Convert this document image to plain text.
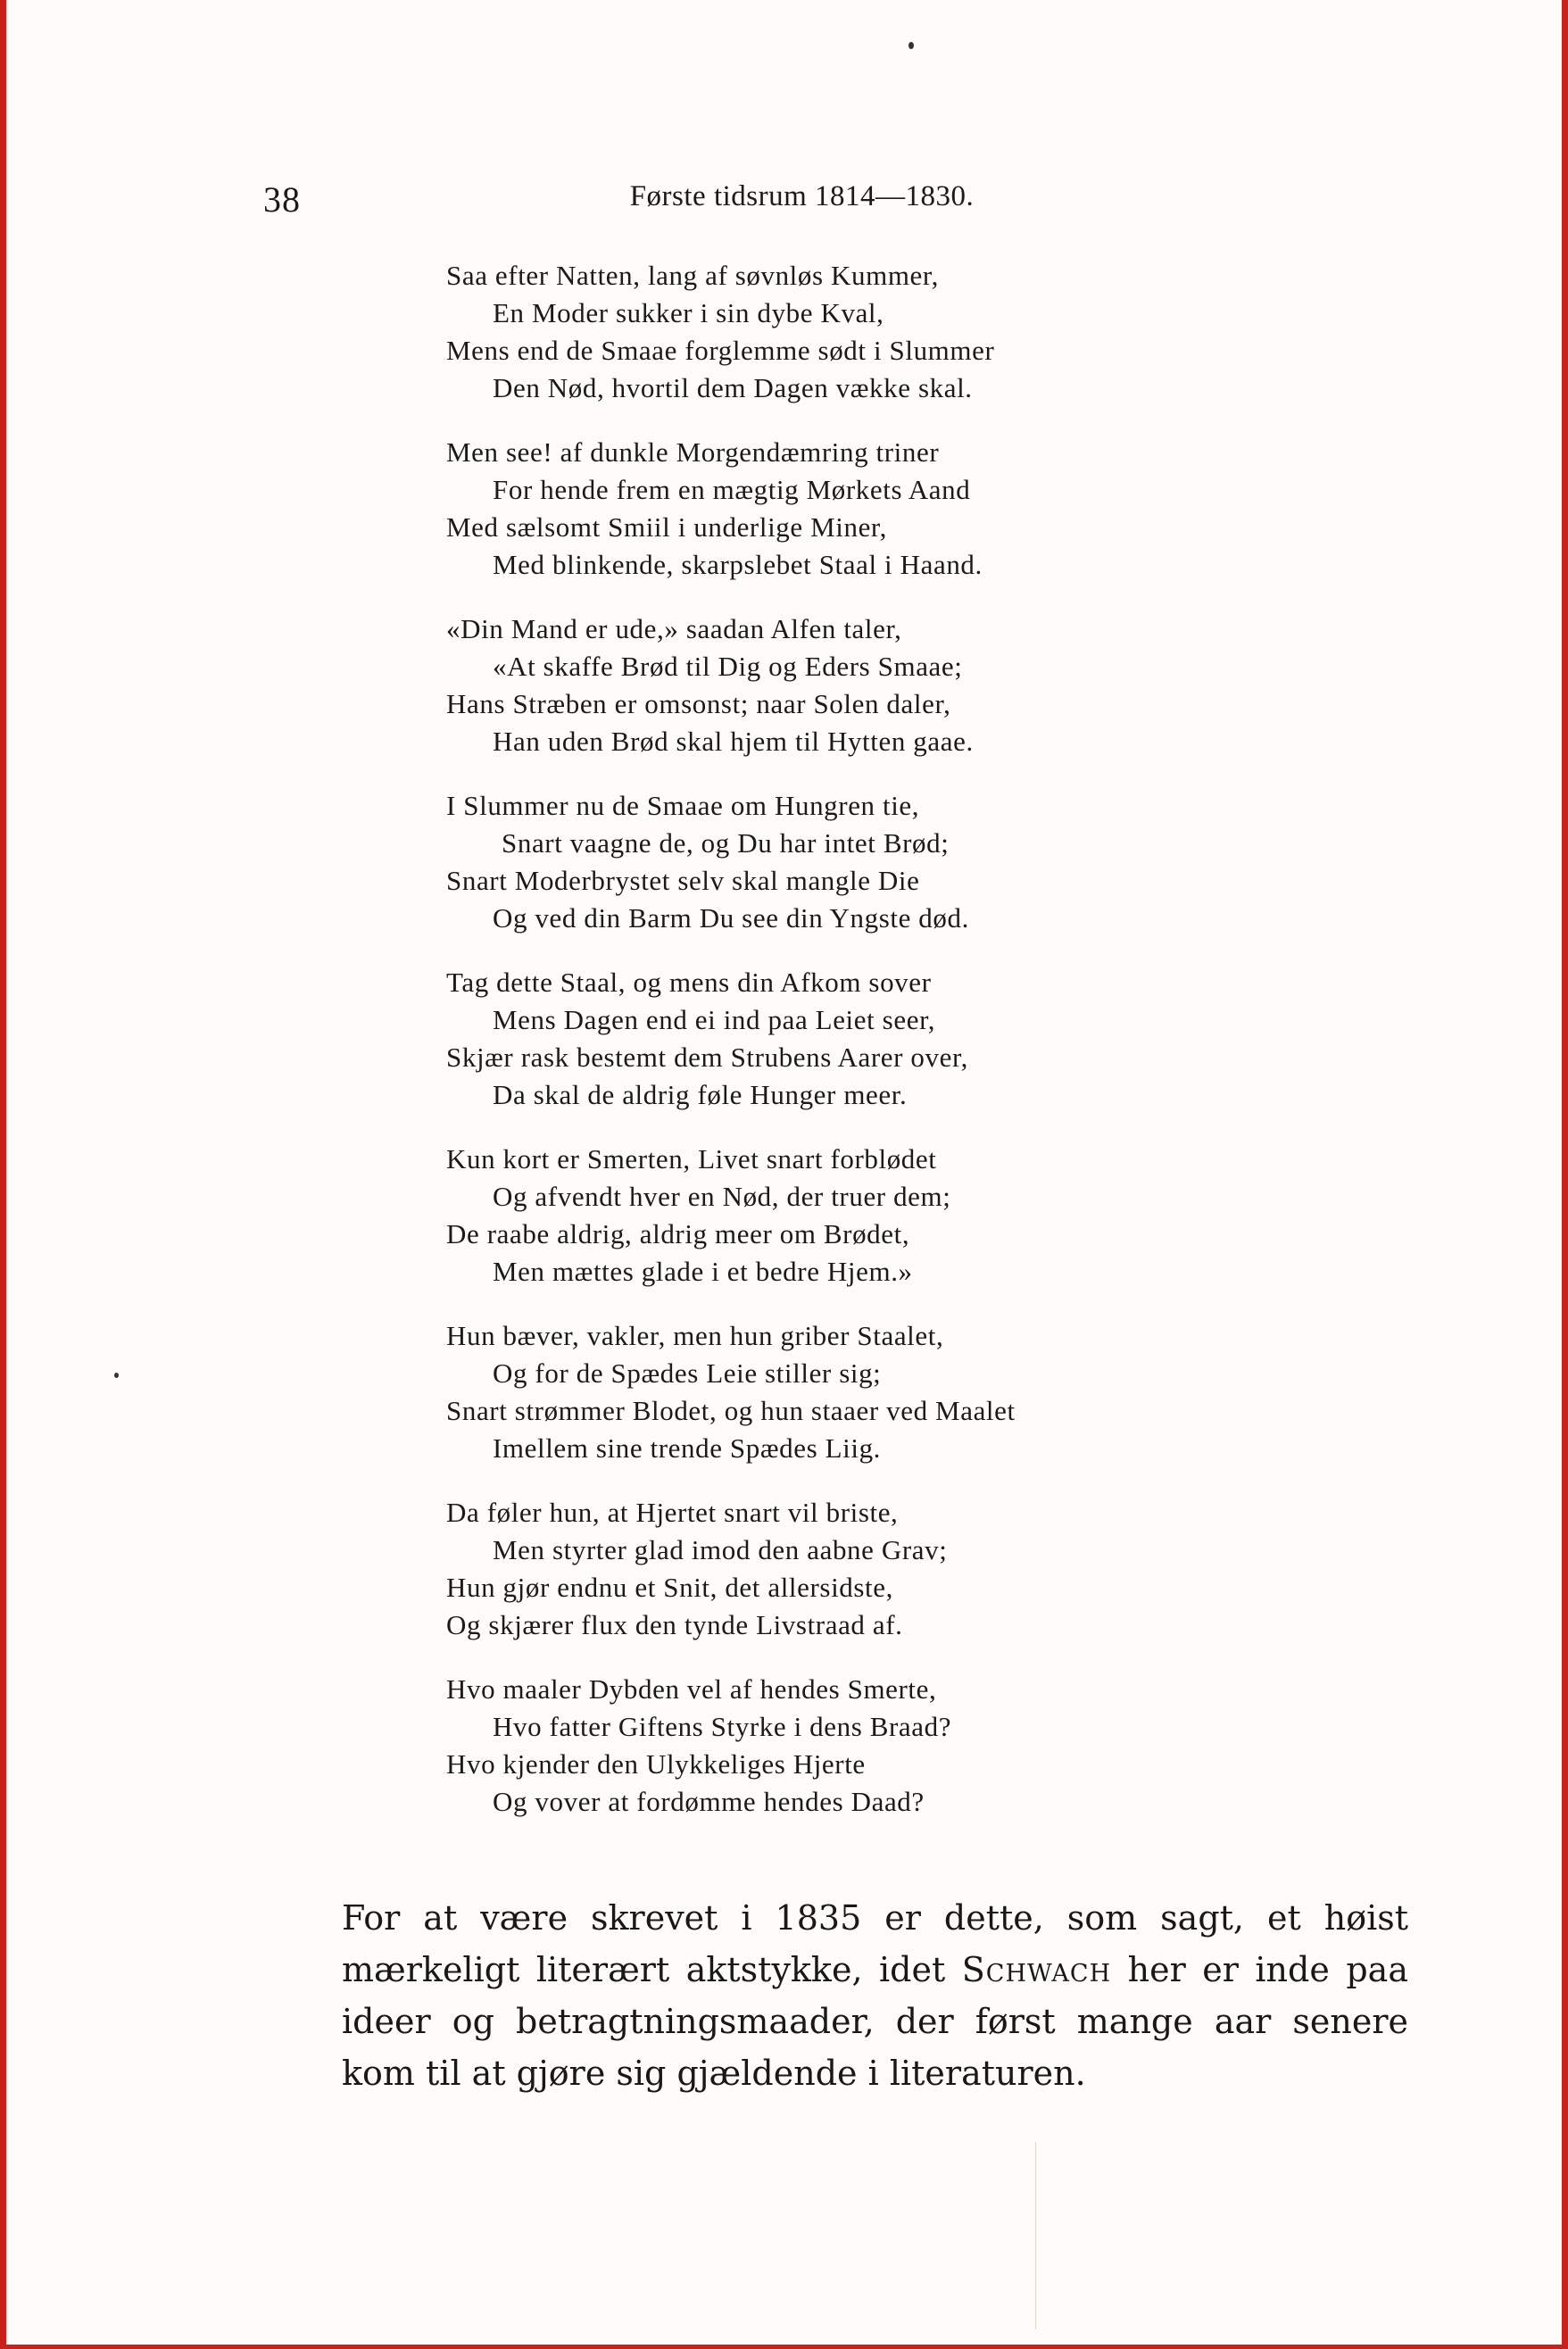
38	Første tidsrum 1814—1830.
Saa efter Natten, lang af søvnløs Kummer,
En Moder sukker i sin dybe Kval,
Mens end de Smaae forglemme sødt i Slummer
Den Nød, hvortil dem Dagen vække skal.
Men see! af dunkle Morgendæmring triner
For hende frem en mægtig Mørkets Aand
Med sælsomt Smiil i underlige Miner,
Med blinkende, skarpslebet Staal i Haand.
«Din Mand er ude,» saadan Alfen taler,
«At skaffe Brød til Dig og Eders Smaae;
Hans Stræben er omsonst; naar Solen daler,
Han uden Brød skal hjem til Hytten gaae.
I Slummer nu de Smaae om Hungren tie,
Snart vaagne de, og Du har intet Brød;
Snart Moderbrystet selv skal mangle Die
Og ved din Barm Du see din Yngste død.
Tag dette Staal, og mens din Afkom sover
Mens Dagen end ei ind paa Leiet seer,
Skjær rask bestemt dem Strubens Aarer over,
Da skal de aldrig føle Hunger meer.
Kun kort er Smerten, Livet snart forblødet
Og afvendt hver en Nød, der truer dem;
De raabe aldrig, aldrig meer om Brødet,
Men mættes glade i et bedre Hjem.»
Hun bæver, vakler, men hun griber Staalet,
Og for de Spædes Leie stiller sig;
Snart strømmer Blodet, og hun staaer ved Maalet
Imellem sine trende Spædes Liig.
Da føler hun, at Hjertet snart vil briste,
Men styrter glad imod den aabne Grav;
Hun gjør endnu et Snit, det allersidste,
Og skjærer flux den tynde Livstraad af.
Hvo maaler Dybden vel af hendes Smerte,
Hvo fatter Giftens Styrke i dens Braad?
Hvo kjender den Ulykkeliges Hjerte
Og vover at fordømme hendes Daad?

For at være skrevet i 1835 er dette, som sagt, et høist mærkeligt literært aktstykke, idet Schwach her er inde paa ideer og betragtningsmaader, der først mange aar senere kom til at gjøre sig gjældende i literaturen.
